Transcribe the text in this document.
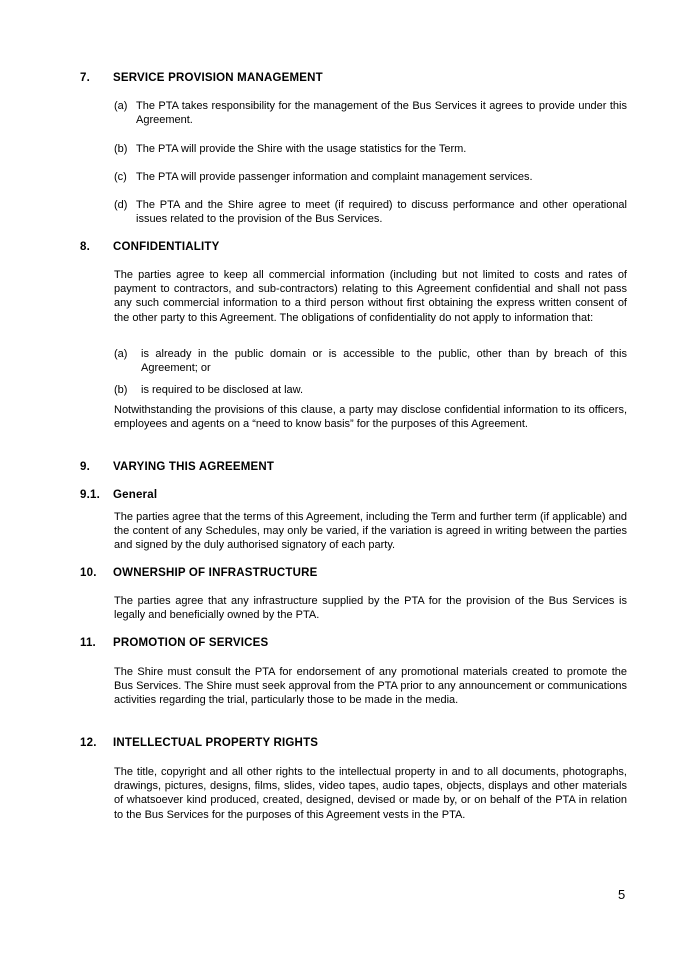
7. SERVICE PROVISION MANAGEMENT
(a) The PTA takes responsibility for the management of the Bus Services it agrees to provide under this Agreement.
(b) The PTA will provide the Shire with the usage statistics for the Term.
(c) The PTA will provide passenger information and complaint management services.
(d) The PTA and the Shire agree to meet (if required) to discuss performance and other operational issues related to the provision of the Bus Services.
8. CONFIDENTIALITY
The parties agree to keep all commercial information (including but not limited to costs and rates of payment to contractors, and sub-contractors) relating to this Agreement confidential and shall not pass any such commercial information to a third person without first obtaining the express written consent of the other party to this Agreement. The obligations of confidentiality do not apply to information that:
(a) is already in the public domain or is accessible to the public, other than by breach of this Agreement; or
(b) is required to be disclosed at law.
Notwithstanding the provisions of this clause, a party may disclose confidential information to its officers, employees and agents on a “need to know basis” for the purposes of this Agreement.
9. VARYING THIS AGREEMENT
9.1. General
The parties agree that the terms of this Agreement, including the Term and further term (if applicable) and the content of any Schedules, may only be varied, if the variation is agreed in writing between the parties and signed by the duly authorised signatory of each party.
10. OWNERSHIP OF INFRASTRUCTURE
The parties agree that any infrastructure supplied by the PTA for the provision of the Bus Services is legally and beneficially owned by the PTA.
11. PROMOTION OF SERVICES
The Shire must consult the PTA for endorsement of any promotional materials created to promote the Bus Services. The Shire must seek approval from the PTA prior to any announcement or communications activities regarding the trial, particularly those to be made in the media.
12. INTELLECTUAL PROPERTY RIGHTS
The title, copyright and all other rights to the intellectual property in and to all documents, photographs, drawings, pictures, designs, films, slides, video tapes, audio tapes, objects, displays and other materials of whatsoever kind produced, created, designed, devised or made by, or on behalf of the PTA in relation to the Bus Services for the purposes of this Agreement vests in the PTA.
5
